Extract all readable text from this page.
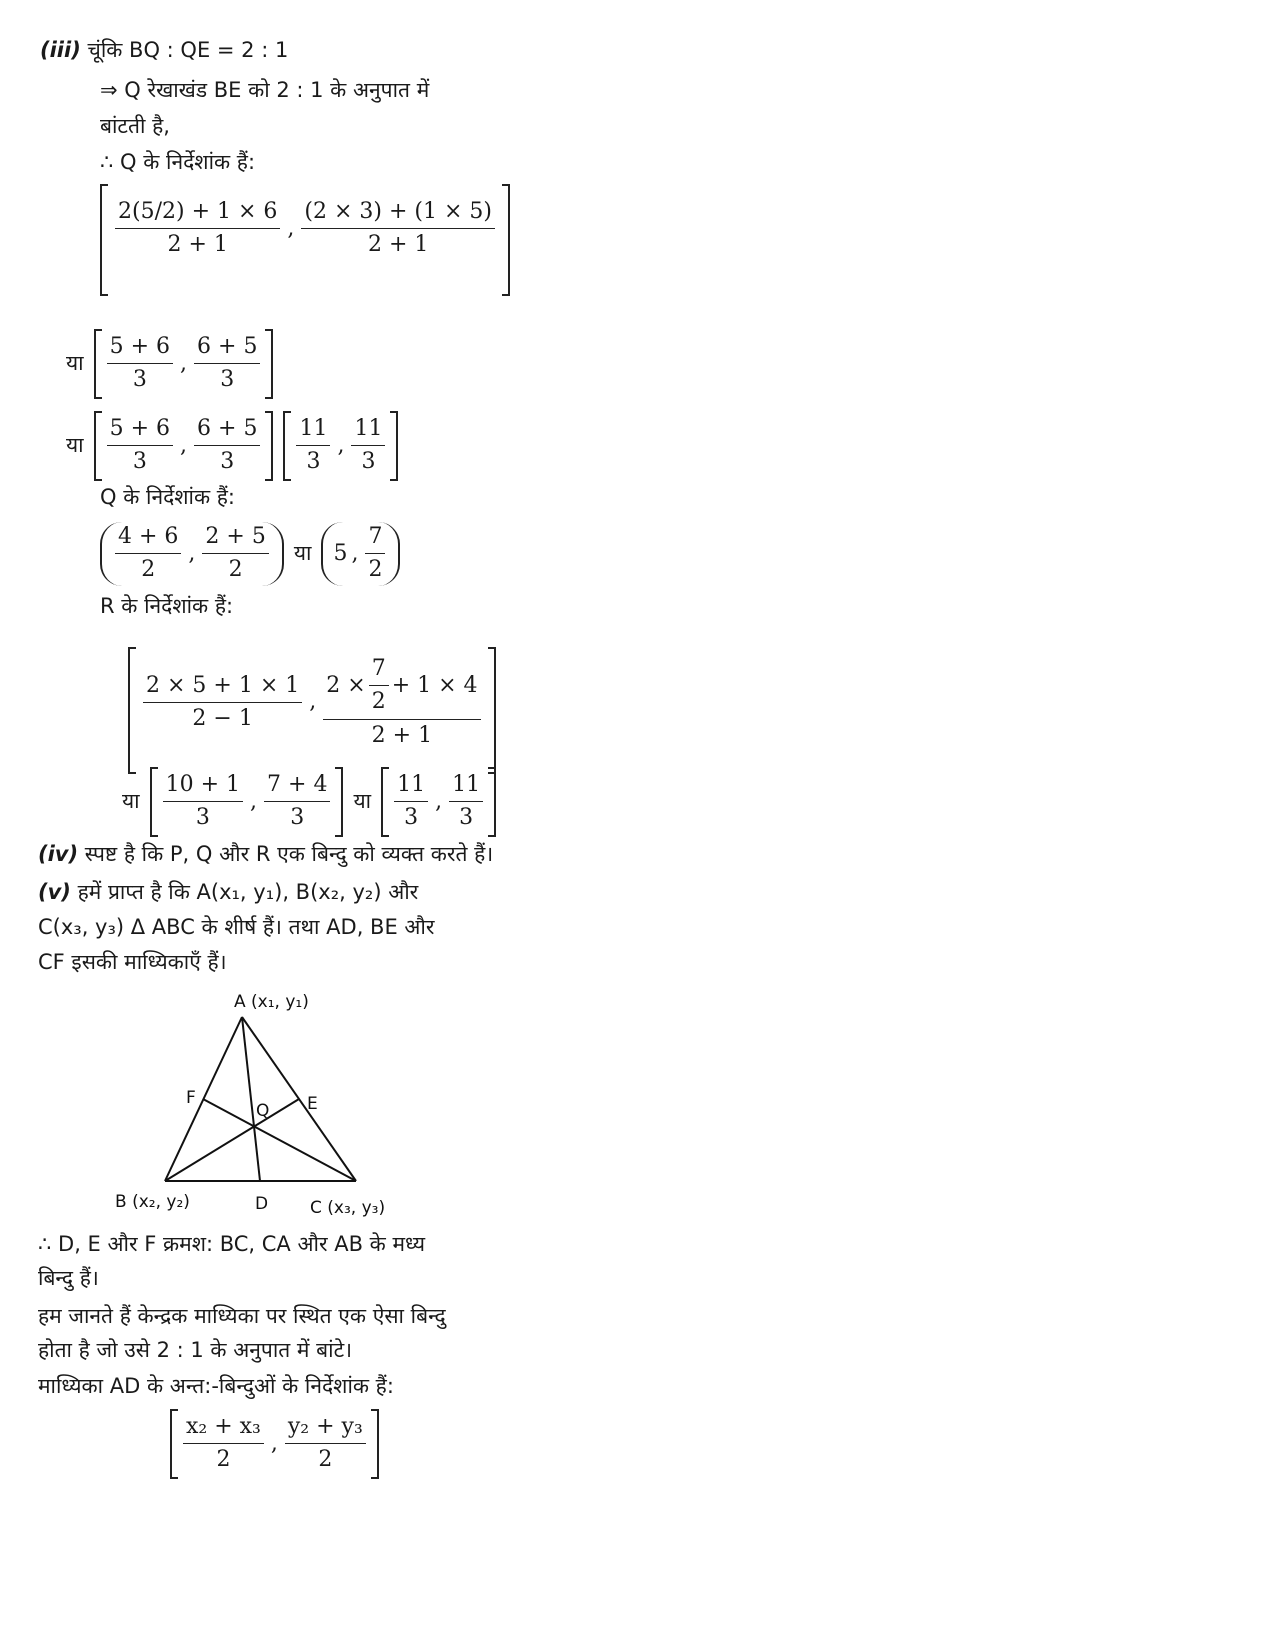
(iii) चूंकि BQ : QE = 2 : 1
⇒ Q रेखाखंड BE को 2 : 1 के अनुपात में
बांटती है,
∴ Q के निर्देशांक हैं:
$\frac{2(5/2) + 1 \times 6}{2 + 1}$ , $\frac{(2 \times 3) + (1 \times 5)}{2 + 1}$
या $\frac{5 + 6}{3}$ , $\frac{6 + 5}{3}$
या $\frac{5 + 6}{3}$ , $\frac{6 + 5}{3} \frac{11}{3}$ , $\frac{11}{3}$
Q के निर्देशांक हैं:
$\frac{4 + 6}{2}$ , $\frac{2 + 5}{2}$ या 5 , $\frac{7}{2}$
R के निर्देशांक हैं:
$\frac{2 \times 5 + 1 \times 1}{2 - 1}$ , $\frac{2 \times \frac{7}{2} + 1 \times 4}{2 + 1}$
या $\frac{10 + 1}{3}$ , $\frac{7 + 4}{3}$ या $\frac{11}{3}$ , $\frac{11}{3}$
(iv) स्पष्ट है कि P, Q और R एक बिन्दु को व्यक्त करते हैं।
(v) हमें प्राप्त है कि A(x₁, y₁), B(x₂, y₂) और
C(x₃, y₃) Δ ABC के शीर्ष हैं। तथा AD, BE और
CF इसकी माध्यिकाएँ हैं।
A (x₁, y₁)
B (x₂, y₂)	C (x₃, y₃)
D
E
F
Q
∴ D, E और F क्रमश: BC, CA और AB के मध्य
बिन्दु हैं।
हम जानते हैं केन्द्रक माध्यिका पर स्थित एक ऐसा बिन्दु
होता है जो उसे 2 : 1 के अनुपात में बांटे।
माध्यिका AD के अन्त:-बिन्दुओं के निर्देशांक हैं:
$\frac{\text{x₂ + x₃}}{2}$ , $\frac{\text{y₂ + y₃}}{2}$
